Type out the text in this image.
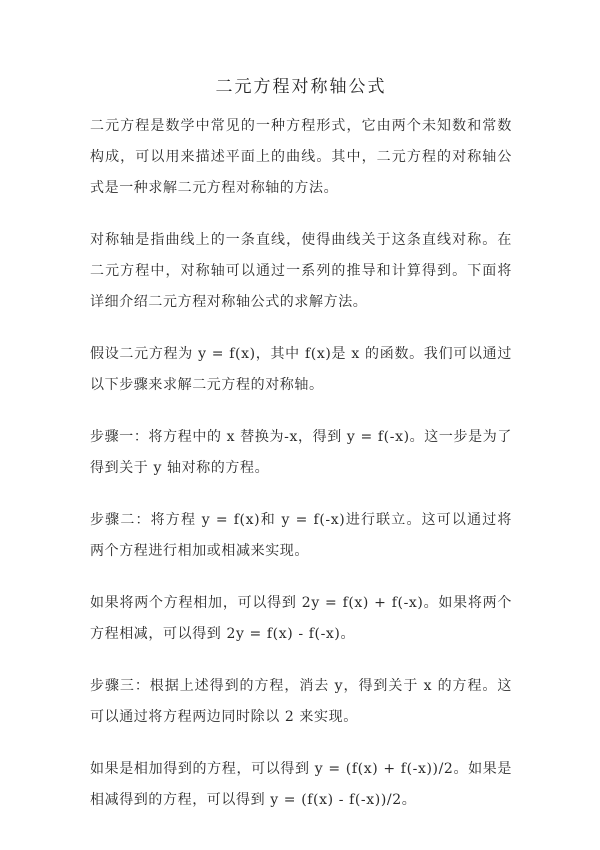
二元方程对称轴公式

二元方程是数学中常见的一种方程形式，它由两个未知数和常数构成，可以用来描述平面上的曲线。其中，二元方程的对称轴公式是一种求解二元方程对称轴的方法。

对称轴是指曲线上的一条直线，使得曲线关于这条直线对称。在二元方程中，对称轴可以通过一系列的推导和计算得到。下面将详细介绍二元方程对称轴公式的求解方法。

假设二元方程为 y = f(x)，其中 f(x)是 x 的函数。我们可以通过以下步骤来求解二元方程的对称轴。

步骤一：将方程中的 x 替换为-x，得到 y = f(-x)。这一步是为了得到关于 y 轴对称的方程。

步骤二：将方程 y = f(x)和 y = f(-x)进行联立。这可以通过将两个方程进行相加或相减来实现。

如果将两个方程相加，可以得到 2y = f(x) + f(-x)。如果将两个方程相减，可以得到 2y = f(x) - f(-x)。

步骤三：根据上述得到的方程，消去 y，得到关于 x 的方程。这可以通过将方程两边同时除以 2 来实现。

如果是相加得到的方程，可以得到 y = (f(x) + f(-x))/2。如果是相减得到的方程，可以得到 y = (f(x) - f(-x))/2。
